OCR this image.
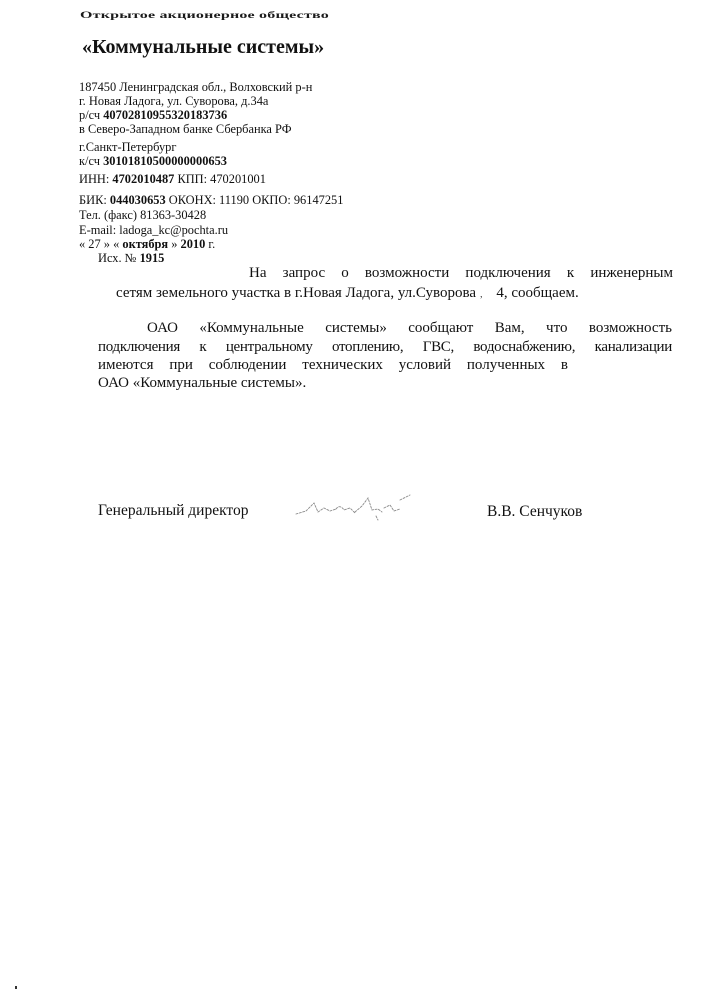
Открытое акционерное общество
«Коммунальные системы»
187450 Ленинградская обл., Волховский р-н
г. Новая Ладога, ул. Суворова, д.34а
р/сч 40702810955320183736
в Северо-Западном банке Сбербанка РФ
г.Санкт-Петербург
к/сч 30101810500000000653
ИНН: 4702010487 КПП: 470201001
БИК: 044030653 ОКОНХ: 11190 ОКПО: 96147251
Тел. (факс) 81363-30428
E-mail: ladoga_kc@pochta.ru
« 27 » « октября » 2010 г.
Исх. № 1915
На запрос о возможности подключения к инженерным
сетям земельного участка в г.Новая Ладога, ул.Суворова , 4, сообщаем.
ОАО «Коммунальные системы» сообщают Вам, что возможность
подключения к центральному отоплению, ГВС, водоснабжению, канализации
имеются при соблюдении технических условий полученных в
ОАО «Коммунальные системы».
Генеральный директор	В.В. Сенчуков
